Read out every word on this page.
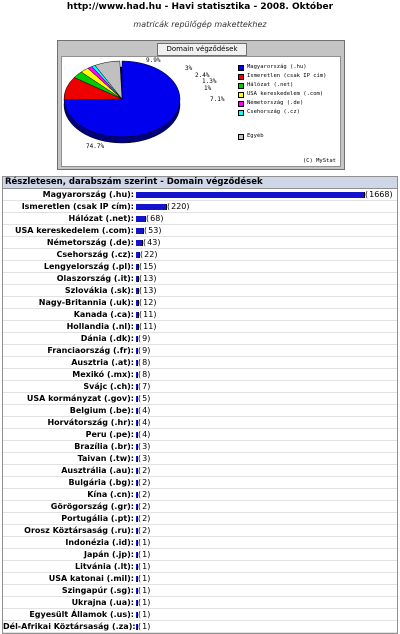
http://www.had.hu - Havi statisztika - 2008. Október
matricák repülőgép makettekhez
Domain végződések
9.9%
3%
2.4%
1.3%
1%
7.1%
74.7%
Magyarország (.hu)
Ismeretlen (csak IP cím)
Hálózat (.net)
USA kereskedelem (.com)
Németország (.de)
Csehország (.cz)
Egyéb
(C) MyStat
Részletesen, darabszám szerint - Domain végződések
Magyarország (.hu):	( 1668 )
Ismeretlen (csak IP cím):	( 220 )
Hálózat (.net):	( 68 )
USA kereskedelem (.com):	( 53 )
Németország (.de):	( 43 )
Csehország (.cz): ( 22 )
Lengyelország (.pl): ( 15 )
Olaszország (.it): ( 13 )
Szlovákia (.sk): ( 13 )
Nagy-Britannia (.uk): ( 12 )
Kanada (.ca): ( 11 )
Hollandia (.nl): ( 11 )
Dánia (.dk): ( 9 )
Franciaország (.fr): ( 9 )
Ausztria (.at): ( 8 )
Mexikó (.mx): ( 8 )
Svájc (.ch): ( 7 )
USA kormányzat (.gov): ( 5 )
Belgium (.be): ( 4 )
Horvátország (.hr): ( 4 )
Peru (.pe): ( 4 )
Brazília (.br): ( 3 )
Taivan (.tw): ( 3 )
Ausztrália (.au): ( 2 )
Bulgária (.bg): ( 2 )
Kína (.cn): ( 2 )
Görögország (.gr): ( 2 )
Portugália (.pt): ( 2 )
Orosz Köztársaság (.ru): ( 2 )
Indonézia (.id): ( 1 )
Japán (.jp): ( 1 )
Litvánia (.lt): ( 1 )
USA katonai (.mil): ( 1 )
Szingapúr (.sg): ( 1 )
Ukrajna (.ua): ( 1 )
Egyesült Államok (.us): ( 1 )
Dél-Afrikai Köztársaság (.za): ( 1 )
